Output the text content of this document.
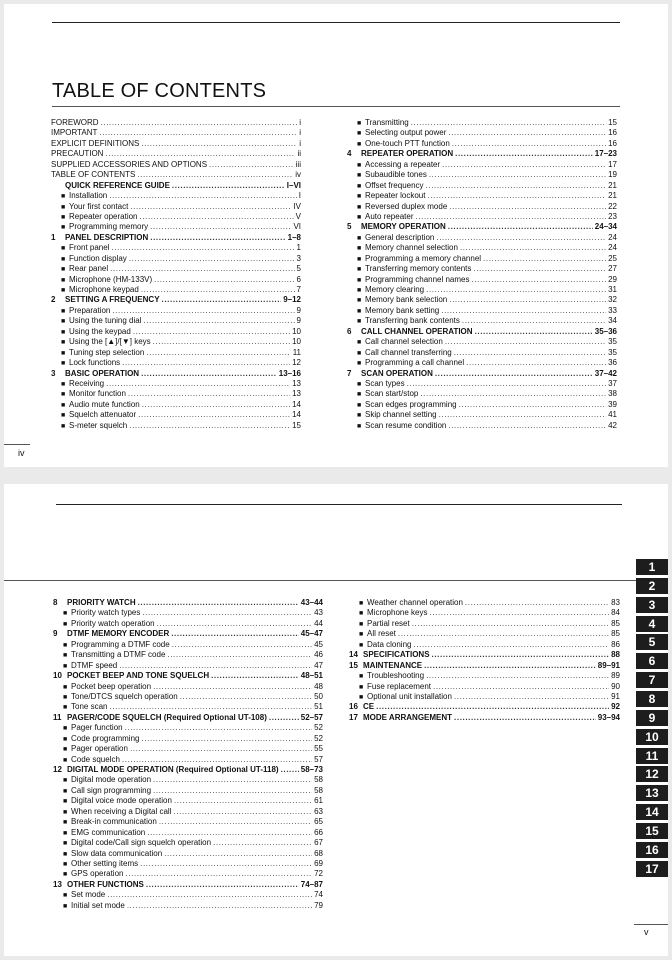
TABLE OF CONTENTS
FOREWORD .....	i
IMPORTANT .....	i
EXPLICIT DEFINITIONS .....	i
PRECAUTION .....	ii
SUPPLIED ACCESSORIES AND OPTIONS .....	iii
TABLE OF CONTENTS .....	iv
QUICK REFERENCE GUIDE .....	I–VI
■ Installation .....	I
■ Your first contact .....	IV
■ Repeater operation .....	V
■ Programming memory .....	VI
1	PANEL DESCRIPTION .....	1–8
■ Front panel .....	1
■ Function display .....	3
■ Rear panel .....	5
■ Microphone (HM-133V) .....	6
■ Microphone keypad .....	7
2	SETTING A FREQUENCY .....	9–12
■ Preparation .....	9
■ Using the tuning dial .....	9
■ Using the keypad .....	10
■ Using the [▲]/[▼] keys .....	10
■ Tuning step selection .....	11
■ Lock functions .....	12
3	BASIC OPERATION .....	13–16
■ Receiving .....	13
■ Monitor function .....	13
■ Audio mute function .....	14
■ Squelch attenuator .....	14
■ S-meter squelch .....	15
■ Transmitting .....	15
■ Selecting output power .....	16
■ One-touch PTT function .....	16
4	REPEATER OPERATION .....	17–23
■ Accessing a repeater .....	17
■ Subaudible tones .....	19
■ Offset frequency .....	21
■ Repeater lockout .....	21
■ Reversed duplex mode .....	22
■ Auto repeater .....	23
5	MEMORY OPERATION .....	24–34
■ General description .....	24
■ Memory channel selection .....	24
■ Programming a memory channel .....	25
■ Transferring memory contents .....	27
■ Programming channel names .....	29
■ Memory clearing .....	31
■ Memory bank selection .....	32
■ Memory bank setting .....	33
■ Transferring bank contents .....	34
6	CALL CHANNEL OPERATION .....	35–36
■ Call channel selection .....	35
■ Call channel transferring .....	35
■ Programming a call channel .....	36
7	SCAN OPERATION .....	37–42
■ Scan types .....	37
■ Scan start/stop .....	38
■ Scan edges programming .....	39
■ Skip channel setting .....	41
■ Scan resume condition .....	42
iv
8	PRIORITY WATCH .....	43–44
■ Priority watch types .....	43
■ Priority watch operation .....	44
9	DTMF MEMORY ENCODER .....	45–47
■ Programming a DTMF code .....	45
■ Transmitting a DTMF code .....	46
■ DTMF speed .....	47
10 POCKET BEEP AND TONE SQUELCH .....	48–51
■ Pocket beep operation .....	48
■ Tone/DTCS squelch operation .....	50
■ Tone scan .....	51
11 PAGER/CODE SQUELCH (Required Optional UT-108) .....	52–57
■ Pager function .....	52
■ Code programming .....	52
■ Pager operation .....	55
■ Code squelch .....	57
12 DIGITAL MODE OPERATION (Required Optional UT-118) .....	58–73
■ Digital mode operation .....	58
■ Call sign programming .....	58
■ Digital voice mode operation .....	61
■ When receiving a Digital call .....	63
■ Break-in communication .....	65
■ EMG communication .....	66
■ Digital code/Call sign squelch operation .....	67
■ Slow data communication .....	68
■ Other setting items .....	69
■ GPS operation .....	72
13 OTHER FUNCTIONS .....	74–87
■ Set mode .....	74
■ Initial set mode .....	79
■ Weather channel operation .....	83
■ Microphone keys .....	84
■ Partial reset .....	85
■ All reset .....	85
■ Data cloning .....	86
14 SPECIFICATIONS .....	88
15 MAINTENANCE .....	89–91
■ Troubleshooting .....	89
■ Fuse replacement .....	90
■ Optional unit installation .....	91
16 CE .....	92
17 MODE ARRANGEMENT .....	93–94
1
2
3
4
5
6
7
8
9
10
11
12
13
14
15
16
17
v
